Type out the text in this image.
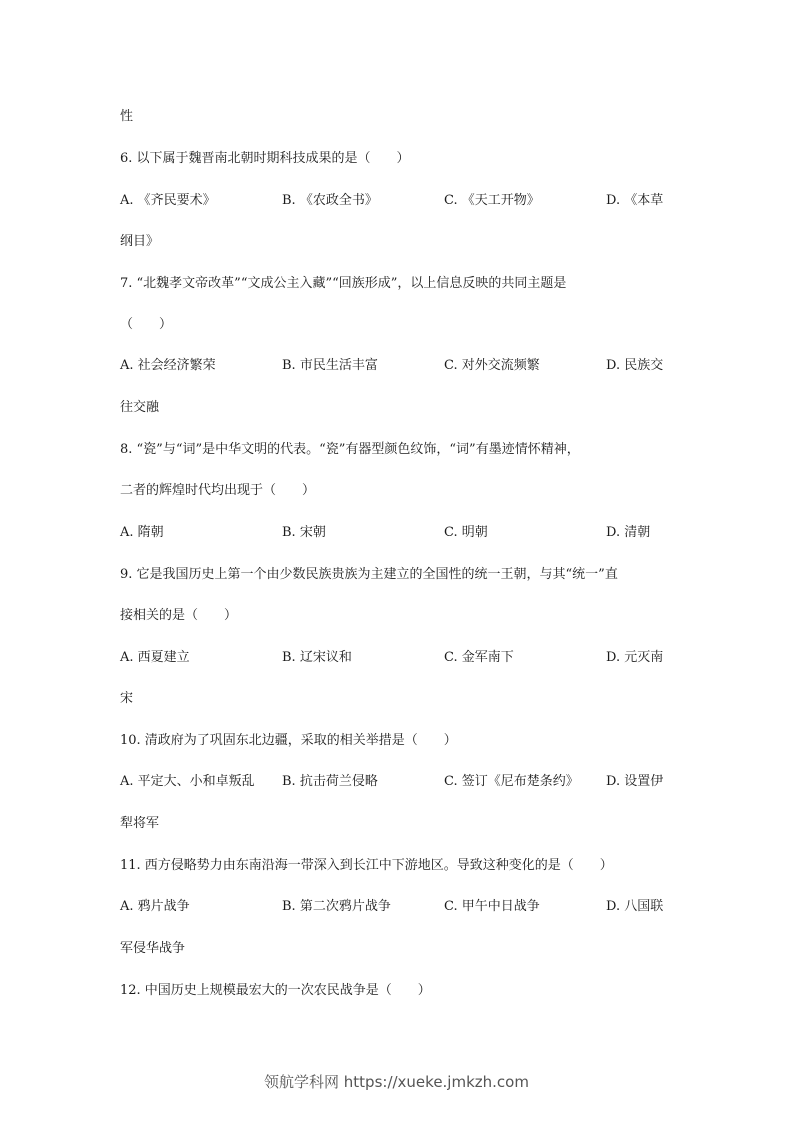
性
6. 以下属于魏晋南北朝时期科技成果的是（　　）
A. 《齐民要术》	B. 《农政全书》	C. 《天工开物》	D. 《本草
纲目》
7. “北魏孝文帝改革”“文成公主入藏”“回族形成”，以上信息反映的共同主题是
（　　）
A. 社会经济繁荣	B. 市民生活丰富	C. 对外交流频繁	D. 民族交
往交融
8. “瓷”与“词”是中华文明的代表。“瓷”有器型颜色纹饰，“词”有墨迹情怀精神，
二者的辉煌时代均出现于（　　）
A. 隋朝	B. 宋朝	C. 明朝	D. 清朝
9. 它是我国历史上第一个由少数民族贵族为主建立的全国性的统一王朝，与其“统一”直
接相关的是（　　）
A. 西夏建立	B. 辽宋议和	C. 金军南下	D. 元灭南
宋
10. 清政府为了巩固东北边疆，采取的相关举措是（　　）
A. 平定大、小和卓叛乱 B. 抗击荷兰侵略	C. 签订《尼布楚条约》 D. 设置伊
犁将军
11. 西方侵略势力由东南沿海一带深入到长江中下游地区。导致这种变化的是（　　）
A. 鸦片战争	B. 第二次鸦片战争	C. 甲午中日战争	D. 八国联
军侵华战争
12. 中国历史上规模最宏大的一次农民战争是（　　）
领航学科网 https://xueke.jmkzh.com
